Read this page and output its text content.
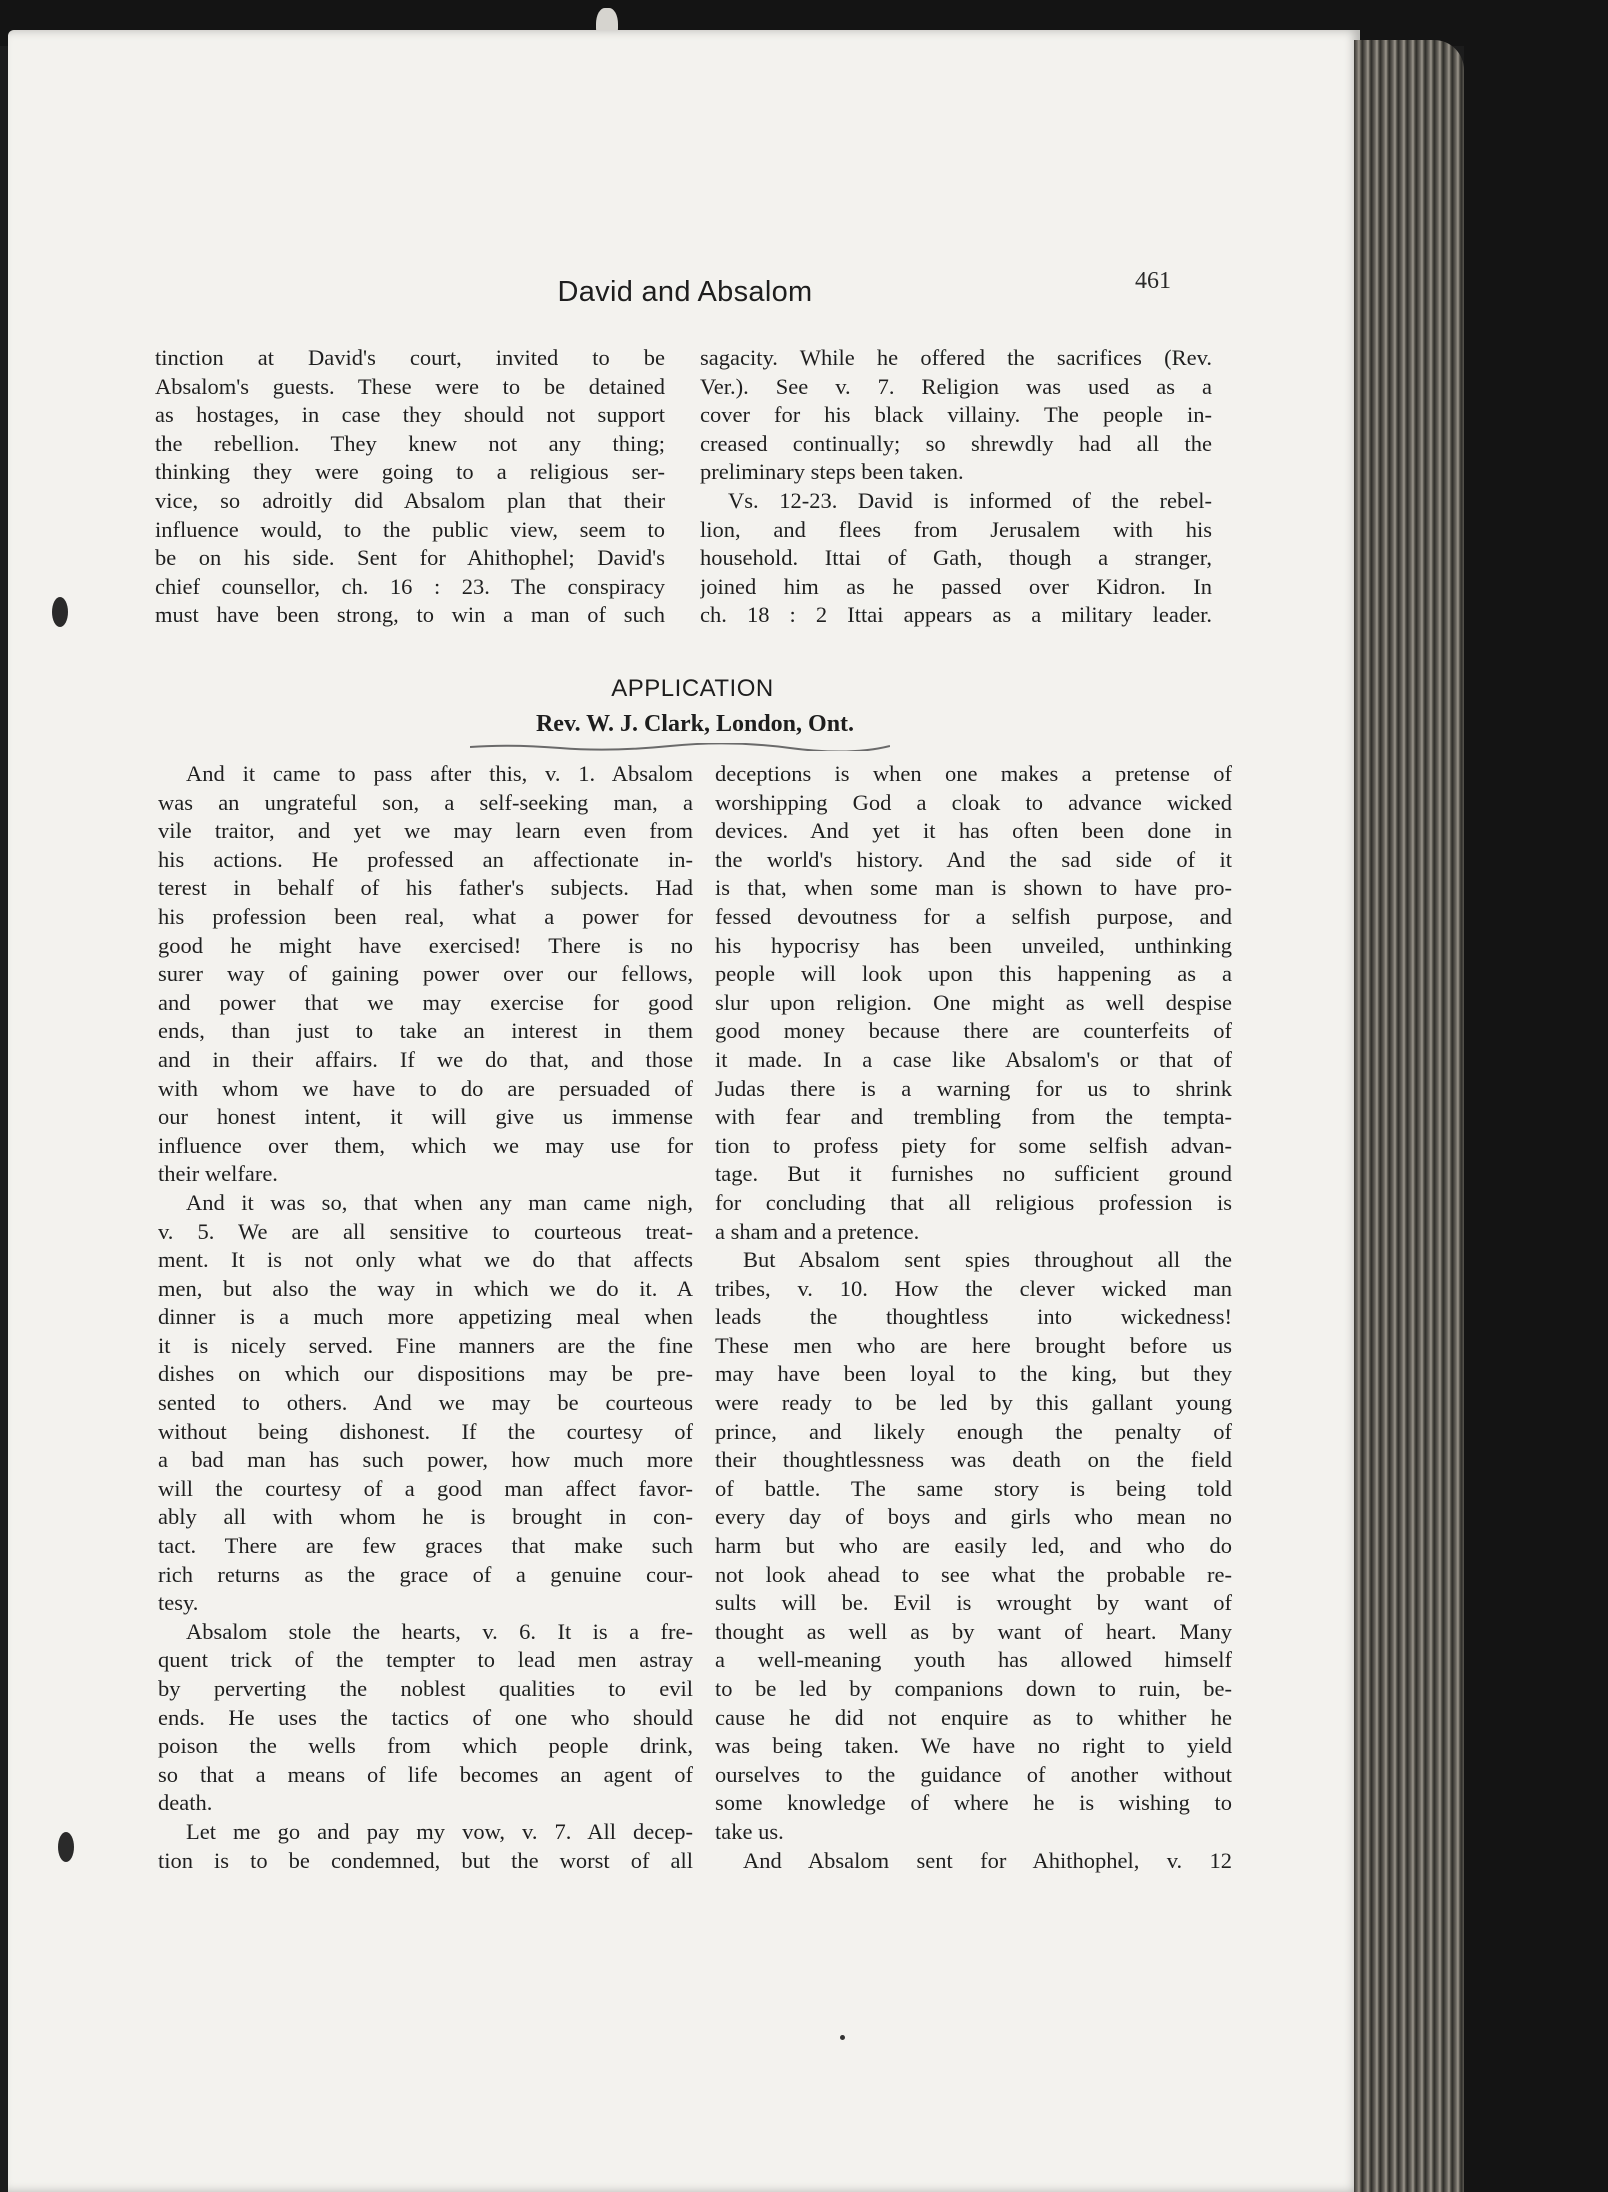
David and Absalom	461
tinction at David's court, invited to be
Absalom's guests. These were to be detained
as hostages, in case they should not support
the rebellion. They knew not any thing;
thinking they were going to a religious ser-
vice, so adroitly did Absalom plan that their
influence would, to the public view, seem to
be on his side. Sent for Ahithophel; David's
chief counsellor, ch. 16 : 23. The conspiracy
must have been strong, to win a man of such
sagacity. While he offered the sacrifices (Rev.
Ver.). See v. 7. Religion was used as a
cover for his black villainy. The people in-
creased continually; so shrewdly had all the
preliminary steps been taken.
Vs. 12-23. David is informed of the rebel-
lion, and flees from Jerusalem with his
household. Ittai of Gath, though a stranger,
joined him as he passed over Kidron. In
ch. 18 : 2 Ittai appears as a military leader.
APPLICATION
Rev. W. J. Clark, London, Ont.
And it came to pass after this, v. 1. Absalom
was an ungrateful son, a self-seeking man, a
vile traitor, and yet we may learn even from
his actions. He professed an affectionate in-
terest in behalf of his father's subjects. Had
his profession been real, what a power for
good he might have exercised! There is no
surer way of gaining power over our fellows,
and power that we may exercise for good
ends, than just to take an interest in them
and in their affairs. If we do that, and those
with whom we have to do are persuaded of
our honest intent, it will give us immense
influence over them, which we may use for
their welfare.
And it was so, that when any man came nigh,
v. 5. We are all sensitive to courteous treat-
ment. It is not only what we do that affects
men, but also the way in which we do it. A
dinner is a much more appetizing meal when
it is nicely served. Fine manners are the fine
dishes on which our dispositions may be pre-
sented to others. And we may be courteous
without being dishonest. If the courtesy of
a bad man has such power, how much more
will the courtesy of a good man affect favor-
ably all with whom he is brought in con-
tact. There are few graces that make such
rich returns as the grace of a genuine cour-
tesy.
Absalom stole the hearts, v. 6. It is a fre-
quent trick of the tempter to lead men astray
by perverting the noblest qualities to evil
ends. He uses the tactics of one who should
poison the wells from which people drink,
so that a means of life becomes an agent of
death.
Let me go and pay my vow, v. 7. All decep-
tion is to be condemned, but the worst of all
deceptions is when one makes a pretense of
worshipping God a cloak to advance wicked
devices. And yet it has often been done in
the world's history. And the sad side of it
is that, when some man is shown to have pro-
fessed devoutness for a selfish purpose, and
his hypocrisy has been unveiled, unthinking
people will look upon this happening as a
slur upon religion. One might as well despise
good money because there are counterfeits of
it made. In a case like Absalom's or that of
Judas there is a warning for us to shrink
with fear and trembling from the tempta-
tion to profess piety for some selfish advan-
tage. But it furnishes no sufficient ground
for concluding that all religious profession is
a sham and a pretence.
But Absalom sent spies throughout all the
tribes, v. 10. How the clever wicked man
leads the thoughtless into wickedness!
These men who are here brought before us
may have been loyal to the king, but they
were ready to be led by this gallant young
prince, and likely enough the penalty of
their thoughtlessness was death on the field
of battle. The same story is being told
every day of boys and girls who mean no
harm but who are easily led, and who do
not look ahead to see what the probable re-
sults will be. Evil is wrought by want of
thought as well as by want of heart. Many
a well-meaning youth has allowed himself
to be led by companions down to ruin, be-
cause he did not enquire as to whither he
was being taken. We have no right to yield
ourselves to the guidance of another without
some knowledge of where he is wishing to
take us.
And Absalom sent for Ahithophel, v. 12
